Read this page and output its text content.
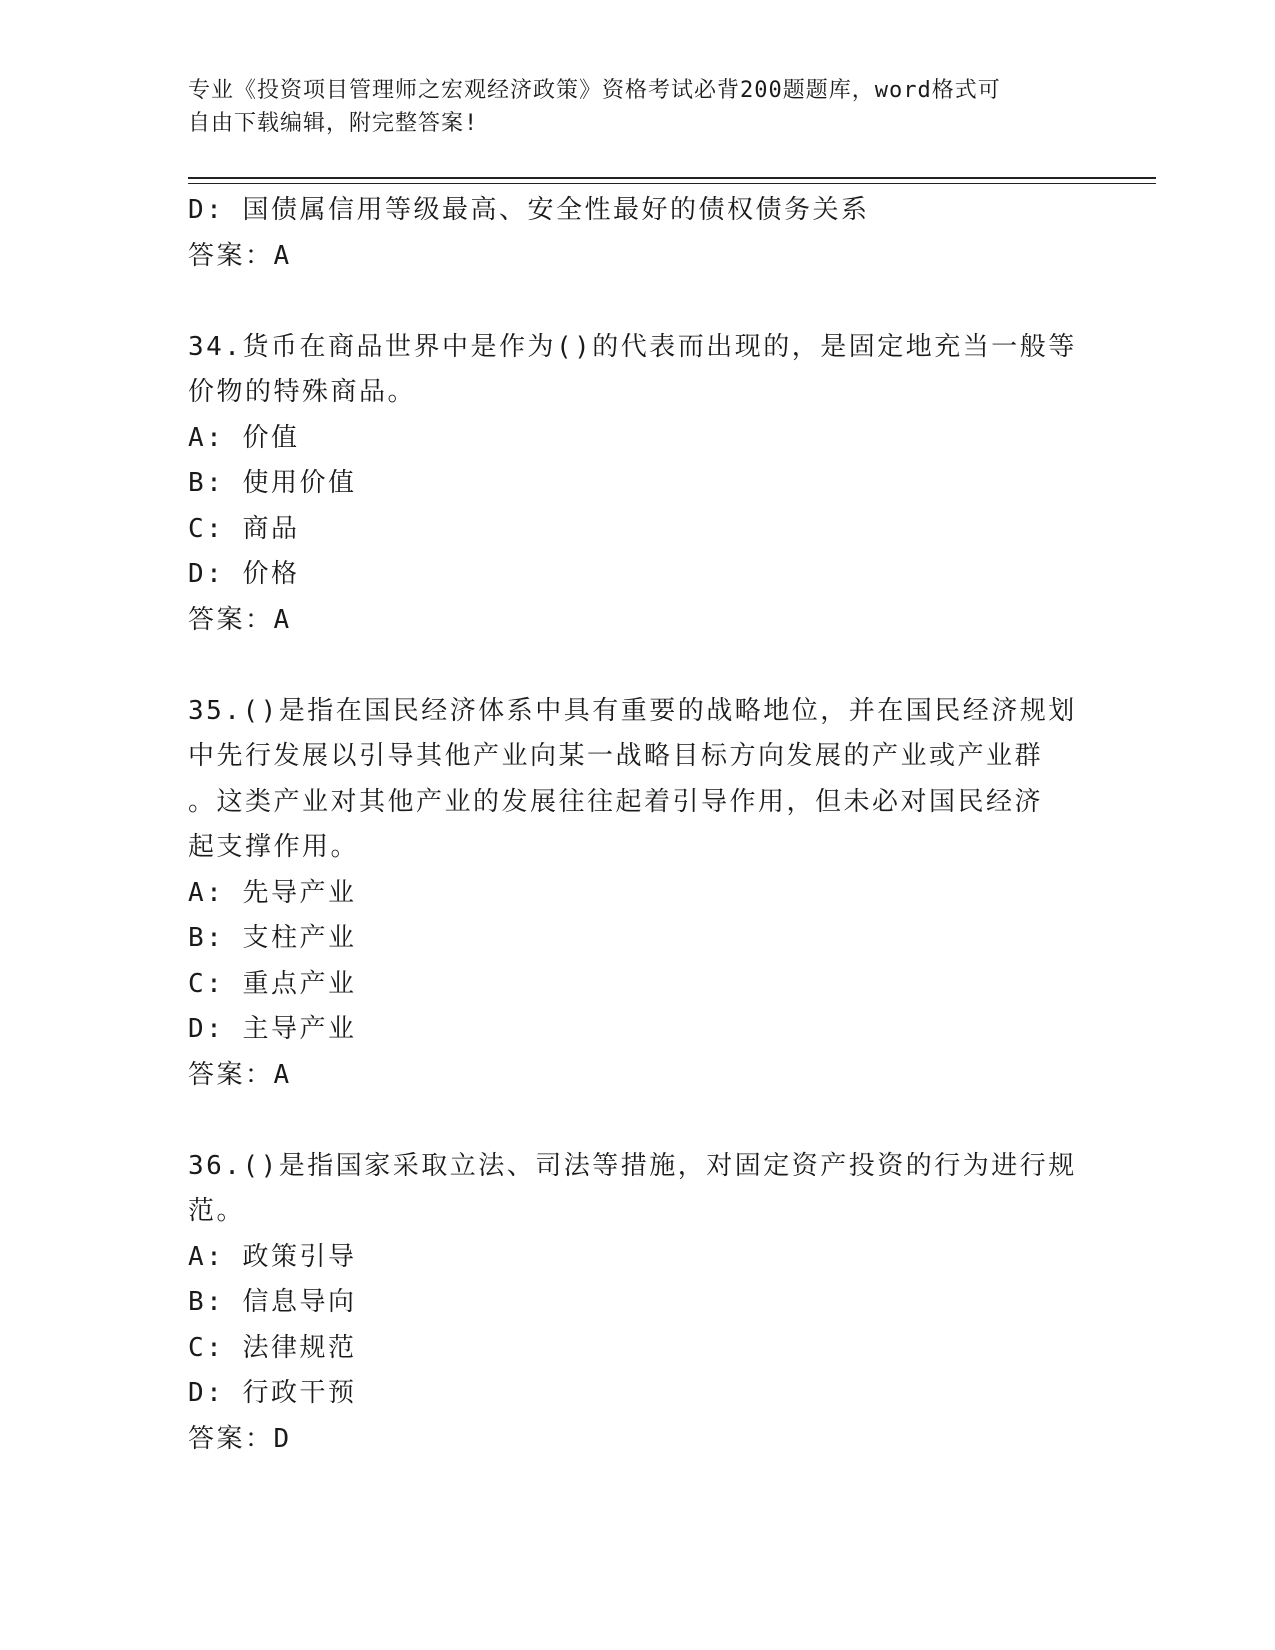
专业《投资项目管理师之宏观经济政策》资格考试必背200题题库，word格式可
自由下载编辑，附完整答案!
D: 国债属信用等级最高、安全性最好的债权债务关系
答案：A
34.货币在商品世界中是作为()的代表而出现的，是固定地充当一般等
价物的特殊商品。
A: 价值
B: 使用价值
C: 商品
D: 价格
答案：A
35.()是指在国民经济体系中具有重要的战略地位，并在国民经济规划
中先行发展以引导其他产业向某一战略目标方向发展的产业或产业群
。这类产业对其他产业的发展往往起着引导作用，但未必对国民经济
起支撑作用。
A: 先导产业
B: 支柱产业
C: 重点产业
D: 主导产业
答案：A
36.()是指国家采取立法、司法等措施，对固定资产投资的行为进行规
范。
A: 政策引导
B: 信息导向
C: 法律规范
D: 行政干预
答案：D
